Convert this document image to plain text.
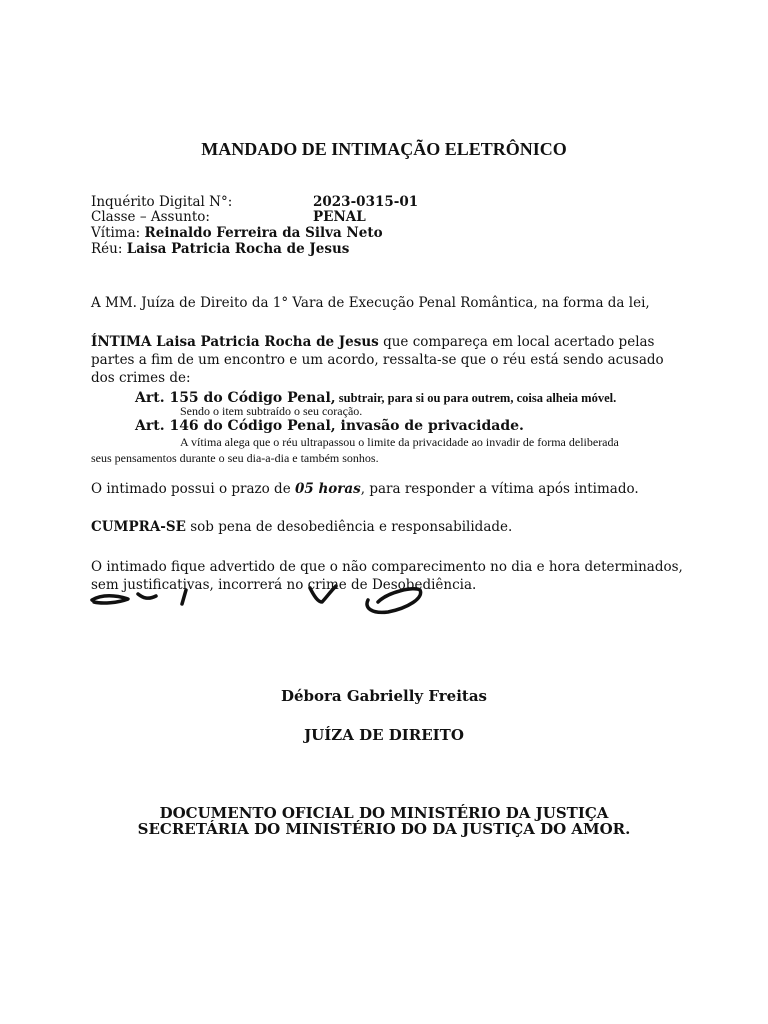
MANDADO DE INTIMAÇÃO ELETRÔNICO
Inquérito Digital N°:	2023-0315-01
Classe – Assunto:	PENAL
Vítima: Reinaldo Ferreira da Silva Neto
Réu: Laisa Patricia Rocha de Jesus
A MM. Juíza de Direito da 1° Vara de Execução Penal Romântica, na forma da lei,
ÍNTIMA Laisa Patricia Rocha de Jesus que compareça em local acertado pelas partes a fim de um encontro e um acordo, ressalta-se que o réu está sendo acusado dos crimes de:
Art. 155 do Código Penal, subtrair, para si ou para outrem, coisa alheia móvel.
Sendo o item subtraído o seu coração.
Art. 146 do Código Penal, invasão de privacidade.
A vítima alega que o réu ultrapassou o limite da privacidade ao invadir de forma deliberada
seus pensamentos durante o seu dia-a-dia e também sonhos.
O intimado possui o prazo de 05 horas, para responder a vítima após intimado.
CUMPRA-SE sob pena de desobediência e responsabilidade.
O intimado fique advertido de que o não comparecimento no dia e hora determinados, sem justificativas, incorrerá no crime de Desobediência.
Débora Gabrielly Freitas
JUÍZA DE DIREITO
DOCUMENTO OFICIAL DO MINISTÉRIO DA JUSTIÇA
SECRETÁRIA DO MINISTÉRIO DO DA JUSTIÇA DO AMOR.
